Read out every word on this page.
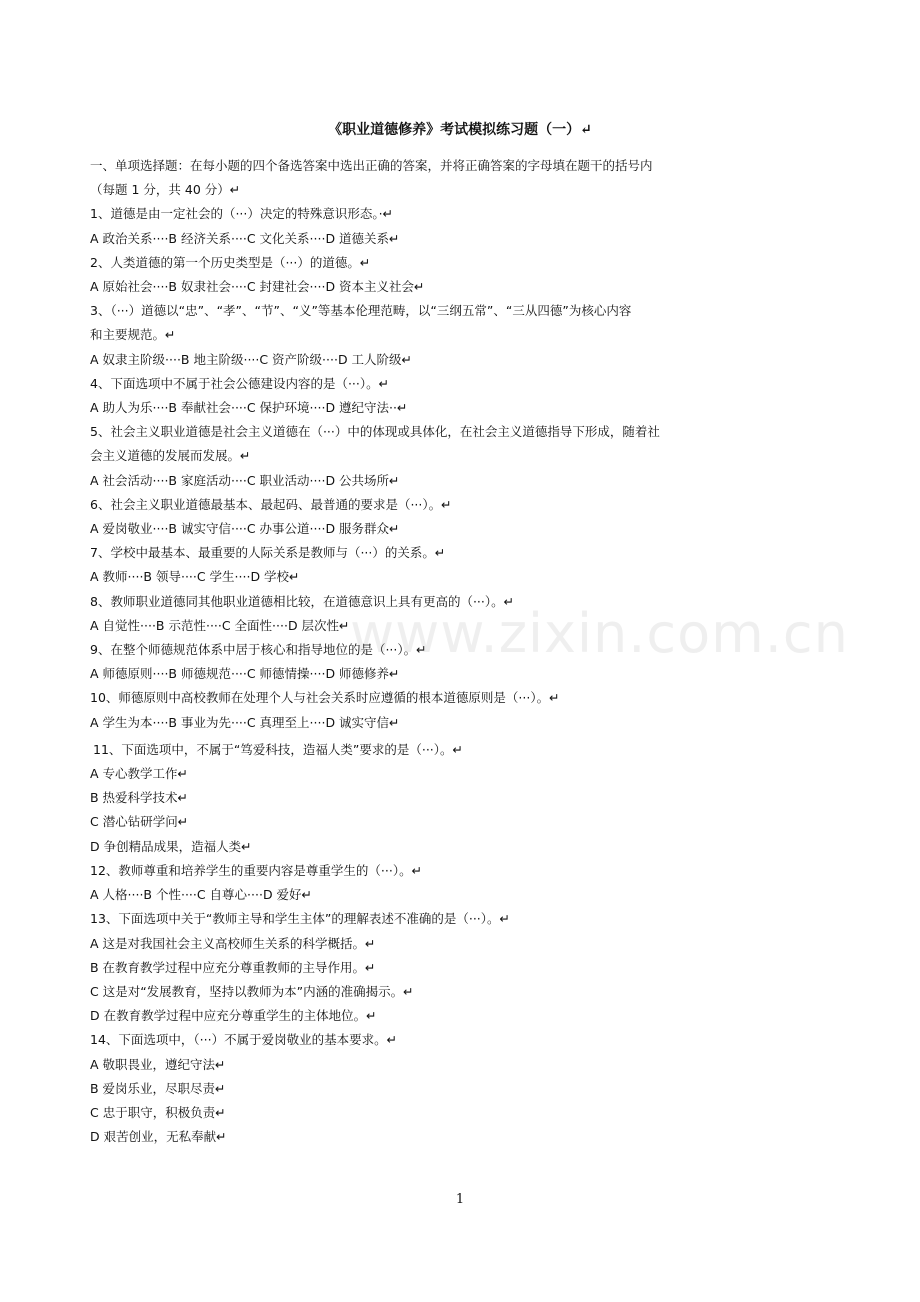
《职业道德修养》考试模拟练习题（一）↵
一、单项选择题：在每小题的四个备选答案中选出正确的答案，并将正确答案的字母填在题干的括号内
（每题 1 分，共 40 分）↵
1、道德是由一定社会的（···）决定的特殊意识形态。·↵
A 政治关系····B 经济关系····C 文化关系····D 道德关系↵
2、人类道德的第一个历史类型是（···）的道德。↵
A 原始社会····B 奴隶社会····C 封建社会····D 资本主义社会↵
3、（···）道德以“忠”、“孝”、“节”、“义”等基本伦理范畴，以“三纲五常”、“三从四德”为核心内容
和主要规范。↵
A 奴隶主阶级····B 地主阶级····C 资产阶级····D 工人阶级↵
4、下面选项中不属于社会公德建设内容的是（···）。↵
A 助人为乐····B 奉献社会····C 保护环境····D 遵纪守法··↵
5、社会主义职业道德是社会主义道德在（···）中的体现或具体化，在社会主义道德指导下形成，随着社
会主义道德的发展而发展。↵
A 社会活动····B 家庭活动····C 职业活动····D 公共场所↵
6、社会主义职业道德最基本、最起码、最普通的要求是（···）。↵
A 爱岗敬业····B 诚实守信····C 办事公道····D 服务群众↵
7、学校中最基本、最重要的人际关系是教师与（···）的关系。↵
A 教师····B 领导····C 学生····D 学校↵
8、教师职业道德同其他职业道德相比较，在道德意识上具有更高的（···）。↵
A 自觉性····B 示范性····C 全面性····D 层次性↵
9、在整个师德规范体系中居于核心和指导地位的是（···）。↵
A 师德原则····B 师德规范····C 师德情操····D 师德修养↵
10、师德原则中高校教师在处理个人与社会关系时应遵循的根本道德原则是（···）。↵
A 学生为本····B 事业为先····C 真理至上····D 诚实守信↵
11、下面选项中，不属于“笃爱科技，造福人类”要求的是（···）。↵
A 专心教学工作↵
B 热爱科学技术↵
C 潜心钻研学问↵
D 争创精品成果，造福人类↵
12、教师尊重和培养学生的重要内容是尊重学生的（···）。↵
A 人格····B 个性····C 自尊心····D 爱好↵
13、下面选项中关于“教师主导和学生主体”的理解表述不准确的是（···）。↵
A 这是对我国社会主义高校师生关系的科学概括。↵
B 在教育教学过程中应充分尊重教师的主导作用。↵
C 这是对“发展教育，坚持以教师为本”内涵的准确揭示。↵
D 在教育教学过程中应充分尊重学生的主体地位。↵
14、下面选项中，（···）不属于爱岗敬业的基本要求。↵
A 敬职畏业，遵纪守法↵
B 爱岗乐业，尽职尽责↵
C 忠于职守，积极负责↵
D 艰苦创业，无私奉献↵
www.zixin.com.cn
1
